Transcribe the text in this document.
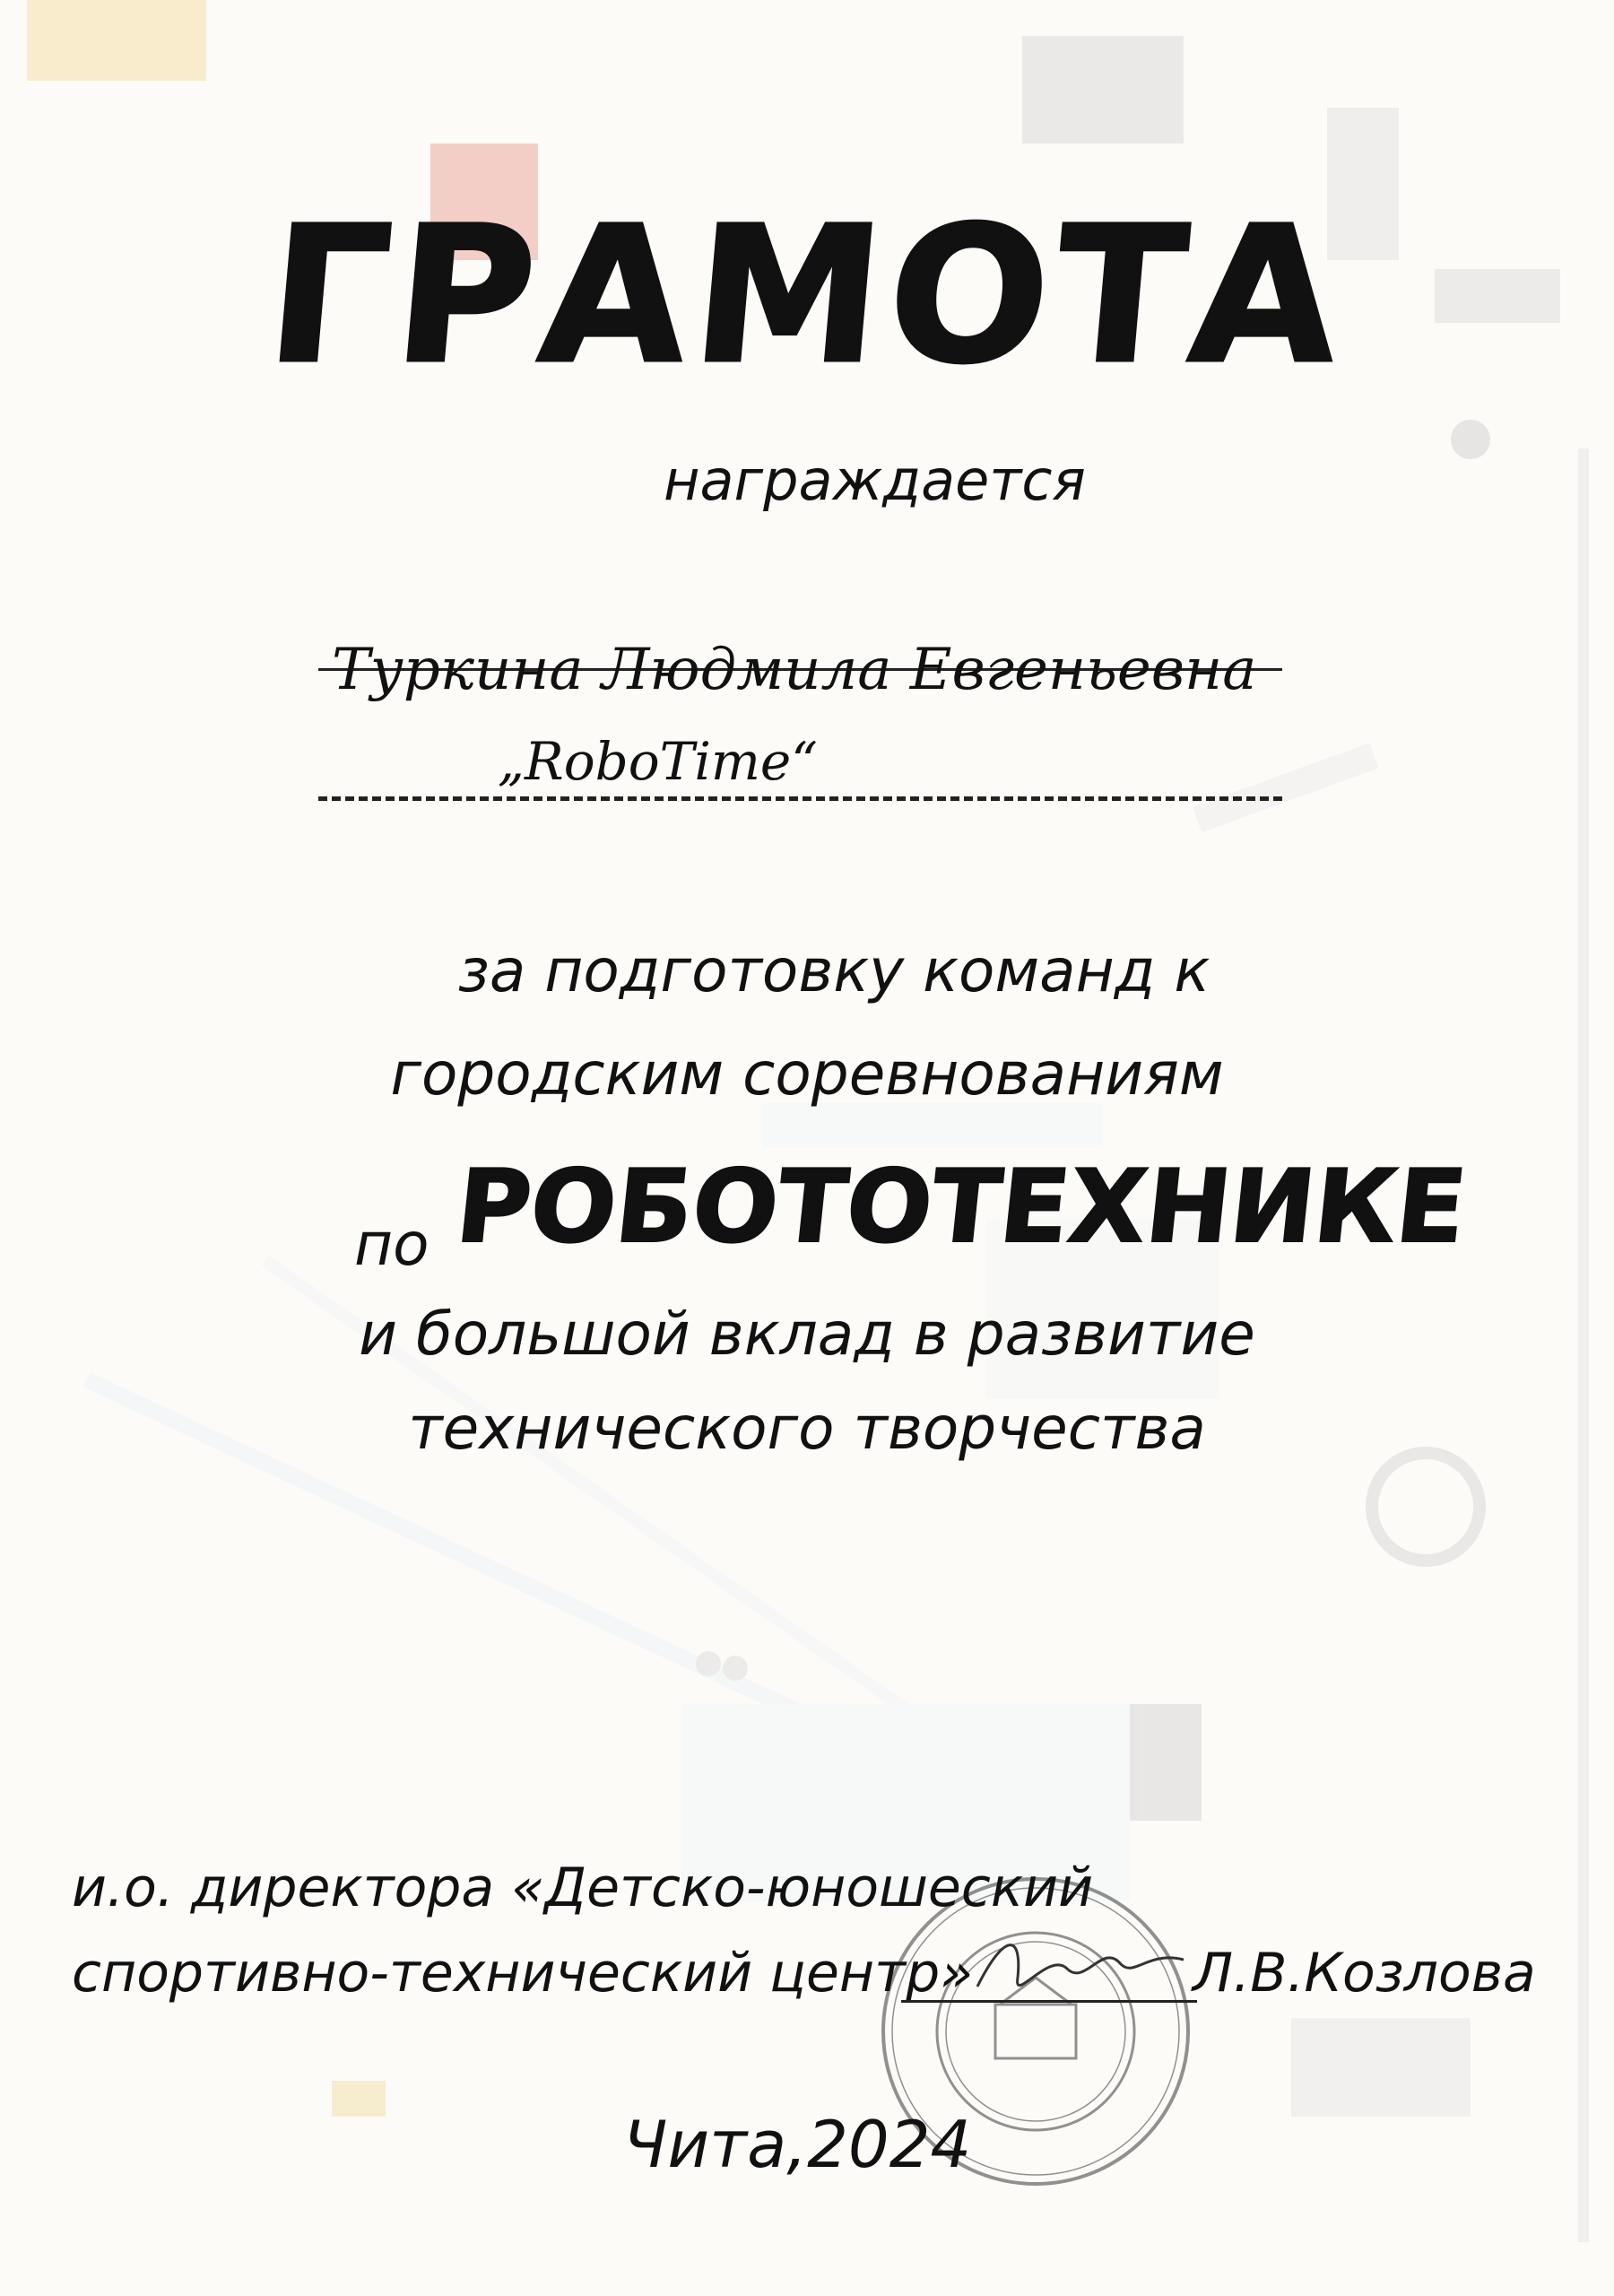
ГРАМОТА
награждается
Туркина Людмила Евгеньевна
„RoboTime“
за подготовку команд к
городским соревнованиям
по РОБОТОТЕХНИКЕ
и большой вклад в развитие
технического творчества
и.о. директора «Детско-юношеский
спортивно-технический центр»	Л.В.Козлова
Чита,2024
